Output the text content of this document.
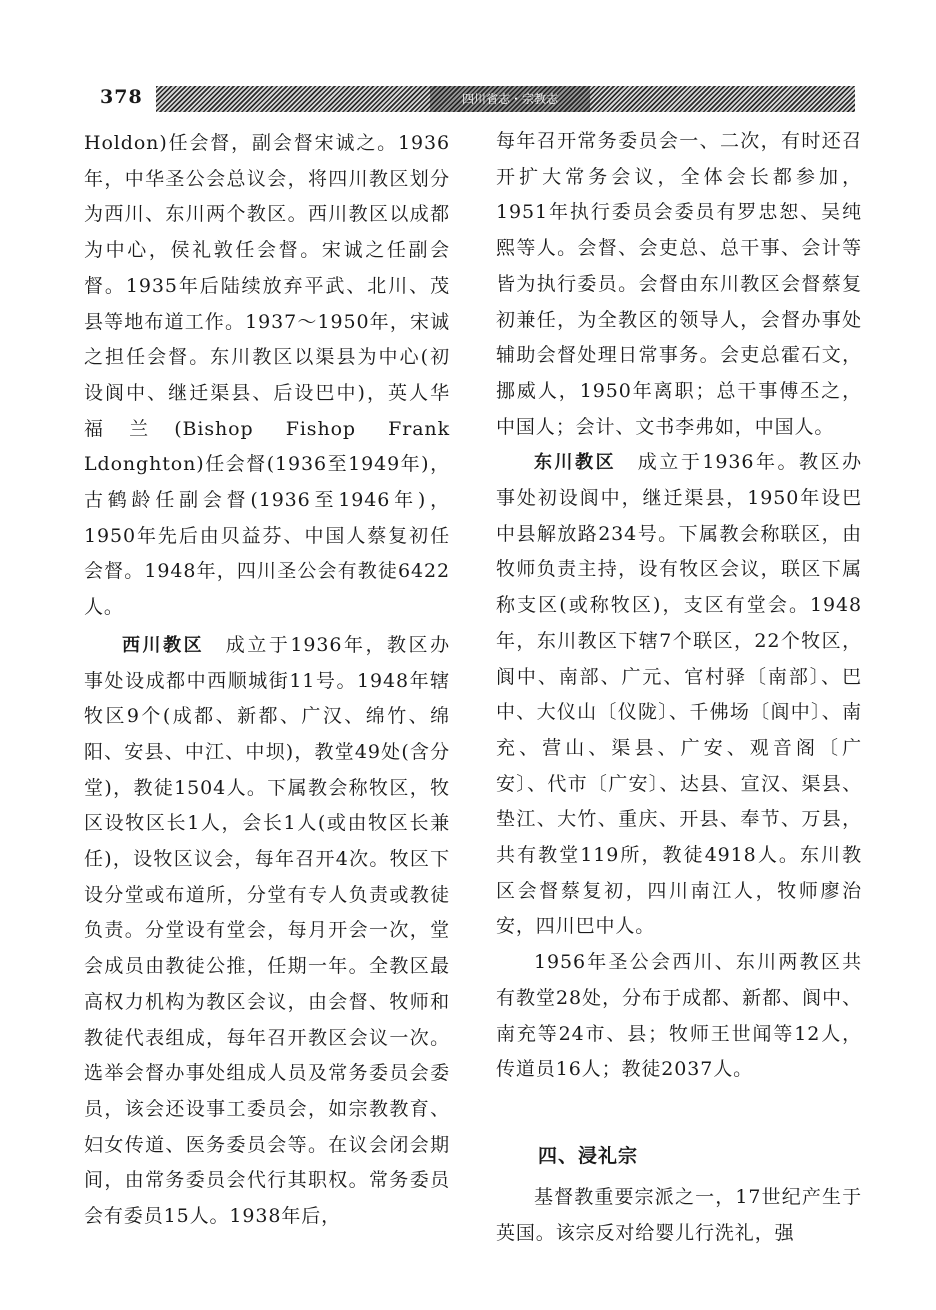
378	四川省志・宗教志

Holdon)任会督，副会督宋诚之。1936年，中华圣公会总议会，将四川教区划分为西川、东川两个教区。西川教区以成都为中心，侯礼敦任会督。宋诚之任副会督。1935年后陆续放弃平武、北川、茂县等地布道工作。1937～1950年，宋诚之担任会督。东川教区以渠县为中心(初设阆中、继迁渠县、后设巴中)，英人华福兰(Bishop Fishop Frank Ldonghton)任会督(1936至1949年)，古鹤龄任副会督(1936至1946年)，1950年先后由贝益芬、中国人蔡复初任会督。1948年，四川圣公会有教徒6422人。

西川教区 成立于1936年，教区办事处设成都中西顺城街11号。1948年辖牧区9个(成都、新都、广汉、绵竹、绵阳、安县、中江、中坝)，教堂49处(含分堂)，教徒1504人。下属教会称牧区，牧区设牧区长1人，会长1人(或由牧区长兼任)，设牧区议会，每年召开4次。牧区下设分堂或布道所，分堂有专人负责或教徒负责。分堂设有堂会，每月开会一次，堂会成员由教徒公推，任期一年。全教区最高权力机构为教区会议，由会督、牧师和教徒代表组成，每年召开教区会议一次。选举会督办事处组成人员及常务委员会委员，该会还设事工委员会，如宗教教育、妇女传道、医务委员会等。在议会闭会期间，由常务委员会代行其职权。常务委员会有委员15人。1938年后，

每年召开常务委员会一、二次，有时还召开扩大常务会议，全体会长都参加，1951年执行委员会委员有罗忠恕、吴纯熙等人。会督、会吏总、总干事、会计等皆为执行委员。会督由东川教区会督蔡复初兼任，为全教区的领导人，会督办事处辅助会督处理日常事务。会吏总霍石文，挪威人，1950年离职；总干事傅丕之，中国人；会计、文书李弗如，中国人。

东川教区 成立于1936年。教区办事处初设阆中，继迁渠县，1950年设巴中县解放路234号。下属教会称联区，由牧师负责主持，设有牧区会议，联区下属称支区(或称牧区)，支区有堂会。1948年，东川教区下辖7个联区，22个牧区，阆中、南部、广元、官村驿〔南部〕、巴中、大仪山〔仪陇〕、千佛场〔阆中〕、南充、营山、渠县、广安、观音阁〔广安〕、代市〔广安〕、达县、宣汉、渠县、垫江、大竹、重庆、开县、奉节、万县，共有教堂119所，教徒4918人。东川教区会督蔡复初，四川南江人，牧师廖治安，四川巴中人。

1956年圣公会西川、东川两教区共有教堂28处，分布于成都、新都、阆中、南充等24市、县；牧师王世闻等12人，传道员16人；教徒2037人。

四、浸礼宗

基督教重要宗派之一，17世纪产生于英国。该宗反对给婴儿行洗礼，强
